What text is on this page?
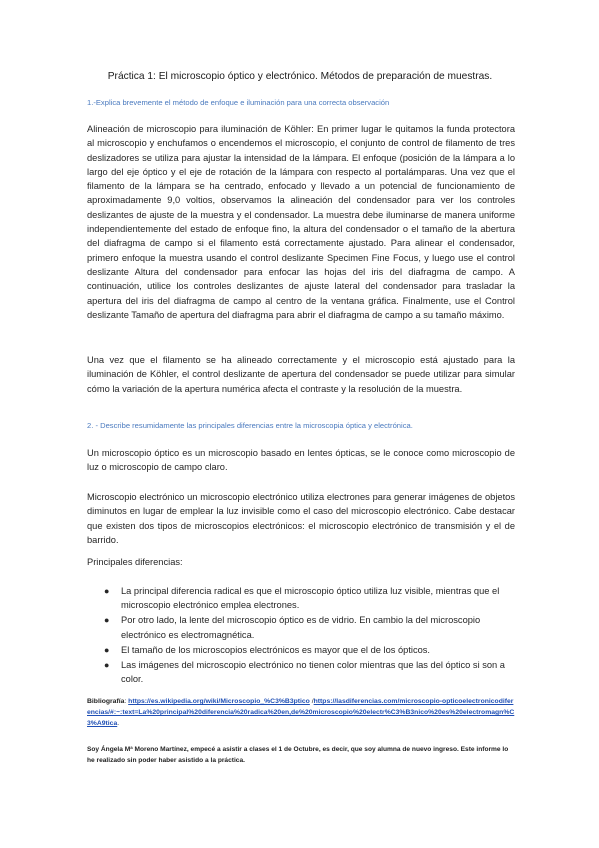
Práctica 1: El microscopio óptico y electrónico. Métodos de preparación de muestras.
1.-Explica brevemente el método de enfoque e iluminación para una correcta observación

Alineación de microscopio para iluminación de Köhler: En primer lugar le quitamos la funda protectora al microscopio y enchufamos o encendemos el microscopio, el conjunto de control de filamento de tres deslizadores se utiliza para ajustar la intensidad de la lámpara. El enfoque (posición de la lámpara a lo largo del eje óptico y el eje de rotación de la lámpara con respecto al portalámparas. Una vez que el filamento de la lámpara se ha centrado, enfocado y llevado a un potencial de funcionamiento de aproximadamente 9,0 voltios, observamos la alineación del condensador para ver los controles deslizantes de ajuste de la muestra y el condensador. La muestra debe iluminarse de manera uniforme independientemente del estado de enfoque fino, la altura del condensador o el tamaño de la abertura del diafragma de campo si el filamento está correctamente ajustado. Para alinear el condensador, primero enfoque la muestra usando el control deslizante Specimen Fine Focus, y luego use el control deslizante Altura del condensador para enfocar las hojas del iris del diafragma de campo. A continuación, utilice los controles deslizantes de ajuste lateral del condensador para trasladar la apertura del iris del diafragma de campo al centro de la ventana gráfica. Finalmente, use el Control deslizante Tamaño de apertura del diafragma para abrir el diafragma de campo a su tamaño máximo.

Una vez que el filamento se ha alineado correctamente y el microscopio está ajustado para la iluminación de Köhler, el control deslizante de apertura del condensador se puede utilizar para simular cómo la variación de la apertura numérica afecta el contraste y la resolución de la muestra.

2. - Describe resumidamente las principales diferencias entre la microscopia óptica y electrónica.

Un microscopio óptico es un microscopio basado en lentes ópticas, se le conoce como microscopio de luz o microscopio de campo claro.

Microscopio electrónico un microscopio electrónico utiliza electrones para generar imágenes de objetos diminutos en lugar de emplear la luz invisible como el caso del microscopio electrónico. Cabe destacar que existen dos tipos de microscopios electrónicos: el microscopio electrónico de transmisión y el de barrido.

Principales diferencias:

● La principal diferencia radical es que el microscopio óptico utiliza luz visible, mientras que el microscopio electrónico emplea electrones.
● Por otro lado, la lente del microscopio óptico es de vidrio. En cambio la del microscopio electrónico es electromagnética.
● El tamaño de los microscopios electrónicos es mayor que el de los ópticos.
● Las imágenes del microscopio electrónico no tienen color mientras que las del óptico si son a color.
Bibliografía: https://es.wikipedia.org/wiki/Microscopio_%C3%B3ptico /https://lasdiferencias.com/microscopio-opticoelectronicodiferencias/#:~:text=La%20principal%20diferencia%20radica%20en,de%20microscopio%20electr%C3%B3nico%20es%20electromagn%C3%A9tica.
Soy Ángela Mª Moreno Martínez, empecé a asistir a clases el 1 de Octubre, es decir, que soy alumna de nuevo ingreso. Este informe lo he realizado sin poder haber asistido a la práctica.
